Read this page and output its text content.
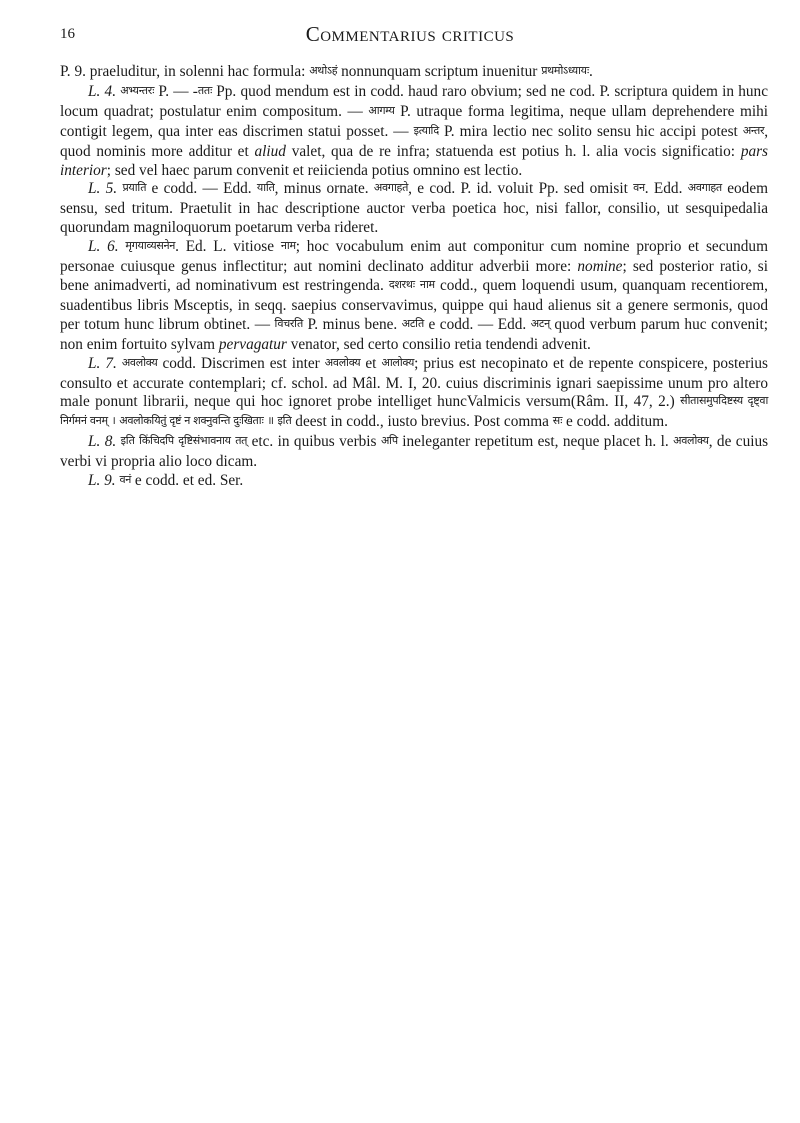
16	Commentarius criticus

P. 9. praeluditur, in solenni hac formula: अथोऽहं nonnunquam scriptum inuenitur प्रथमोऽध्यायः.

L. 4. अभ्यन्तरः P. — -ततः Pp. quod mendum est in codd. haud raro obvium; sed ne cod. P. scriptura quidem in hunc locum quadrat; postulatur enim compositum. — आगम्य P. utraque forma legitima, neque ullam deprehendere mihi contigit legem, qua inter eas discrimen statui posset. — इत्यादि P. mira lectio nec solito sensu hic accipi potest अन्तर, quod nominis more additur et aliud valet, qua de re infra; statuenda est potius h. l. alia vocis significatio: pars interior; sed vel haec parum convenit et reiicienda potius omnino est lectio.

L. 5. प्रयाति e codd. — Edd. याति, minus ornate. अवगाहते, e cod. P. id. voluit Pp. sed omisit वन. Edd. अवगाहत eodem sensu, sed tritum. Praetulit in hac descriptione auctor verba poetica hoc, nisi fallor, consilio, ut sesquipedalia quorundam magniloquorum poetarum verba rideret.

L. 6. मृगयाव्यसनेन. Ed. L. vitiose नाम; hoc vocabulum enim aut componitur cum nomine proprio et secundum personae cuiusque genus inflectitur; aut nomini declinato additur adverbii more: nomine; sed posterior ratio, si bene animadverti, ad nominativum est restringenda. दशरथः नाम codd., quem loquendi usum, quanquam recentiorem, suadentibus libris Msceptis, in seqq. saepius conservavimus, quippe qui haud alienus sit a genere sermonis, quod per totum hunc librum obtinet. — विचरति P. minus bene. अटति e codd. — Edd. अटन् quod verbum parum huc convenit; non enim fortuito sylvam pervagatur venator, sed certo consilio retia tendendi advenit.

L. 7. अवलोक्य codd. Discrimen est inter अवलोक्य et आलोक्य; prius est necopinato et de repente conspicere, posterius consulto et accurate contemplari; cf. schol. ad Mâl. M. I, 20. cuius discriminis ignari saepissime unum pro altero male ponunt librarii, neque qui hoc ignoret probe intelliget huncValmicis versum(Râm. II, 47, 2.) सीतासमुपदिष्टस्य दृष्ट्वा निर्गमनं वनम् । अवलोकयितुं दृष्टं न शक्नुवन्ति दुःखिताः ॥ इति deest in codd., iusto brevius. Post comma सः e codd. additum.

L. 8. इति किंचिदपि दृष्टिसंभावनाय तत् etc. in quibus verbis अपि ineleganter repetitum est, neque placet h. l. अवलोक्य, de cuius verbi vi propria alio loco dicam.

L. 9. वनं e codd. et ed. Ser.
